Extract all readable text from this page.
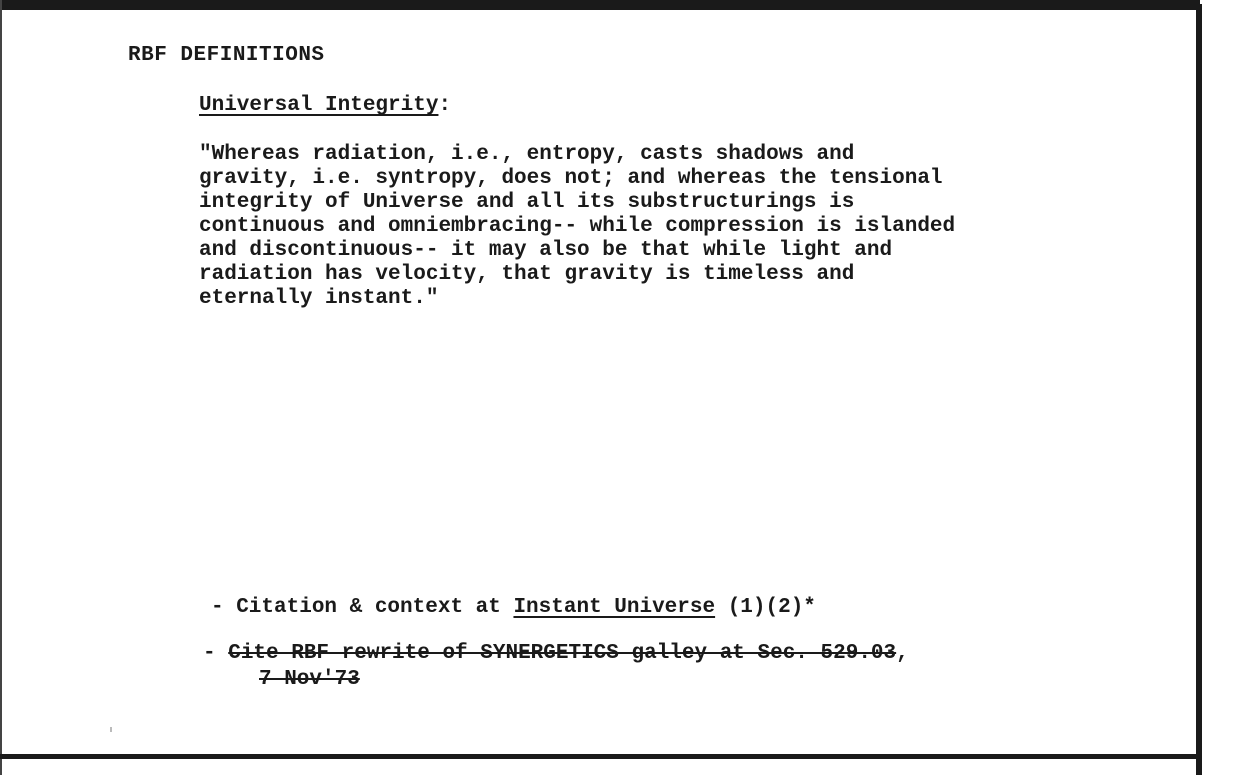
RBF DEFINITIONS
Universal Integrity:
"Whereas radiation, i.e., entropy, casts shadows and
gravity, i.e. syntropy, does not; and whereas the tensional
integrity of Universe and all its substructurings is
continuous and omniembracing-- while compression is islanded
and discontinuous-- it may also be that while light and
radiation has velocity, that gravity is timeless and
eternally instant."
- Citation & context at Instant Universe (1)(2)*
- Cite RBF rewrite of SYNERGETICS galley at Sec. 529.03,
7 Nov'73
